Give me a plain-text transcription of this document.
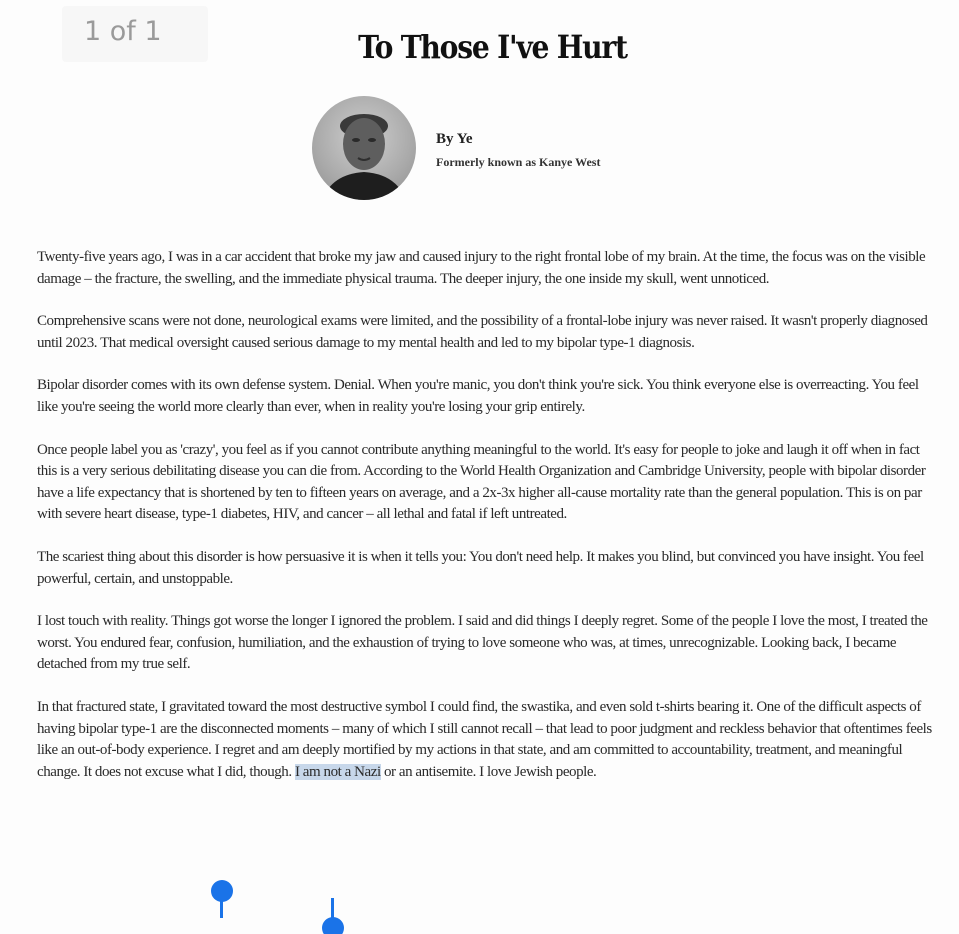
1 of 1	To Those I've Hurt
By Ye
Formerly known as Kanye West

Twenty-five years ago, I was in a car accident that broke my jaw and caused injury to the right frontal lobe of my brain. At the time, the focus was on the visible damage – the fracture, the swelling, and the immediate physical trauma. The deeper injury, the one inside my skull, went unnoticed.

Comprehensive scans were not done, neurological exams were limited, and the possibility of a frontal-lobe injury was never raised. It wasn't properly diagnosed until 2023. That medical oversight caused serious damage to my mental health and led to my bipolar type-1 diagnosis.

Bipolar disorder comes with its own defense system. Denial. When you're manic, you don't think you're sick. You think everyone else is overreacting. You feel like you're seeing the world more clearly than ever, when in reality you're losing your grip entirely.

Once people label you as 'crazy', you feel as if you cannot contribute anything meaningful to the world. It's easy for people to joke and laugh it off when in fact this is a very serious debilitating disease you can die from. According to the World Health Organization and Cambridge University, people with bipolar disorder have a life expectancy that is shortened by ten to fifteen years on average, and a 2x-3x higher all-cause mortality rate than the general population. This is on par with severe heart disease, type-1 diabetes, HIV, and cancer – all lethal and fatal if left untreated.

The scariest thing about this disorder is how persuasive it is when it tells you: You don't need help. It makes you blind, but convinced you have insight. You feel powerful, certain, and unstoppable.

I lost touch with reality. Things got worse the longer I ignored the problem. I said and did things I deeply regret. Some of the people I love the most, I treated the worst. You endured fear, confusion, humiliation, and the exhaustion of trying to love someone who was, at times, unrecognizable. Looking back, I became detached from my true self.

In that fractured state, I gravitated toward the most destructive symbol I could find, the swastika, and even sold t-shirts bearing it. One of the difficult aspects of having bipolar type-1 are the disconnected moments – many of which I still cannot recall – that lead to poor judgment and reckless behavior that oftentimes feels like an out-of-body experience. I regret and am deeply mortified by my actions in that state, and am committed to accountability, treatment, and meaningful change. It does not excuse what I did, though. I am not a Nazi or an antisemite. I love Jewish people.
